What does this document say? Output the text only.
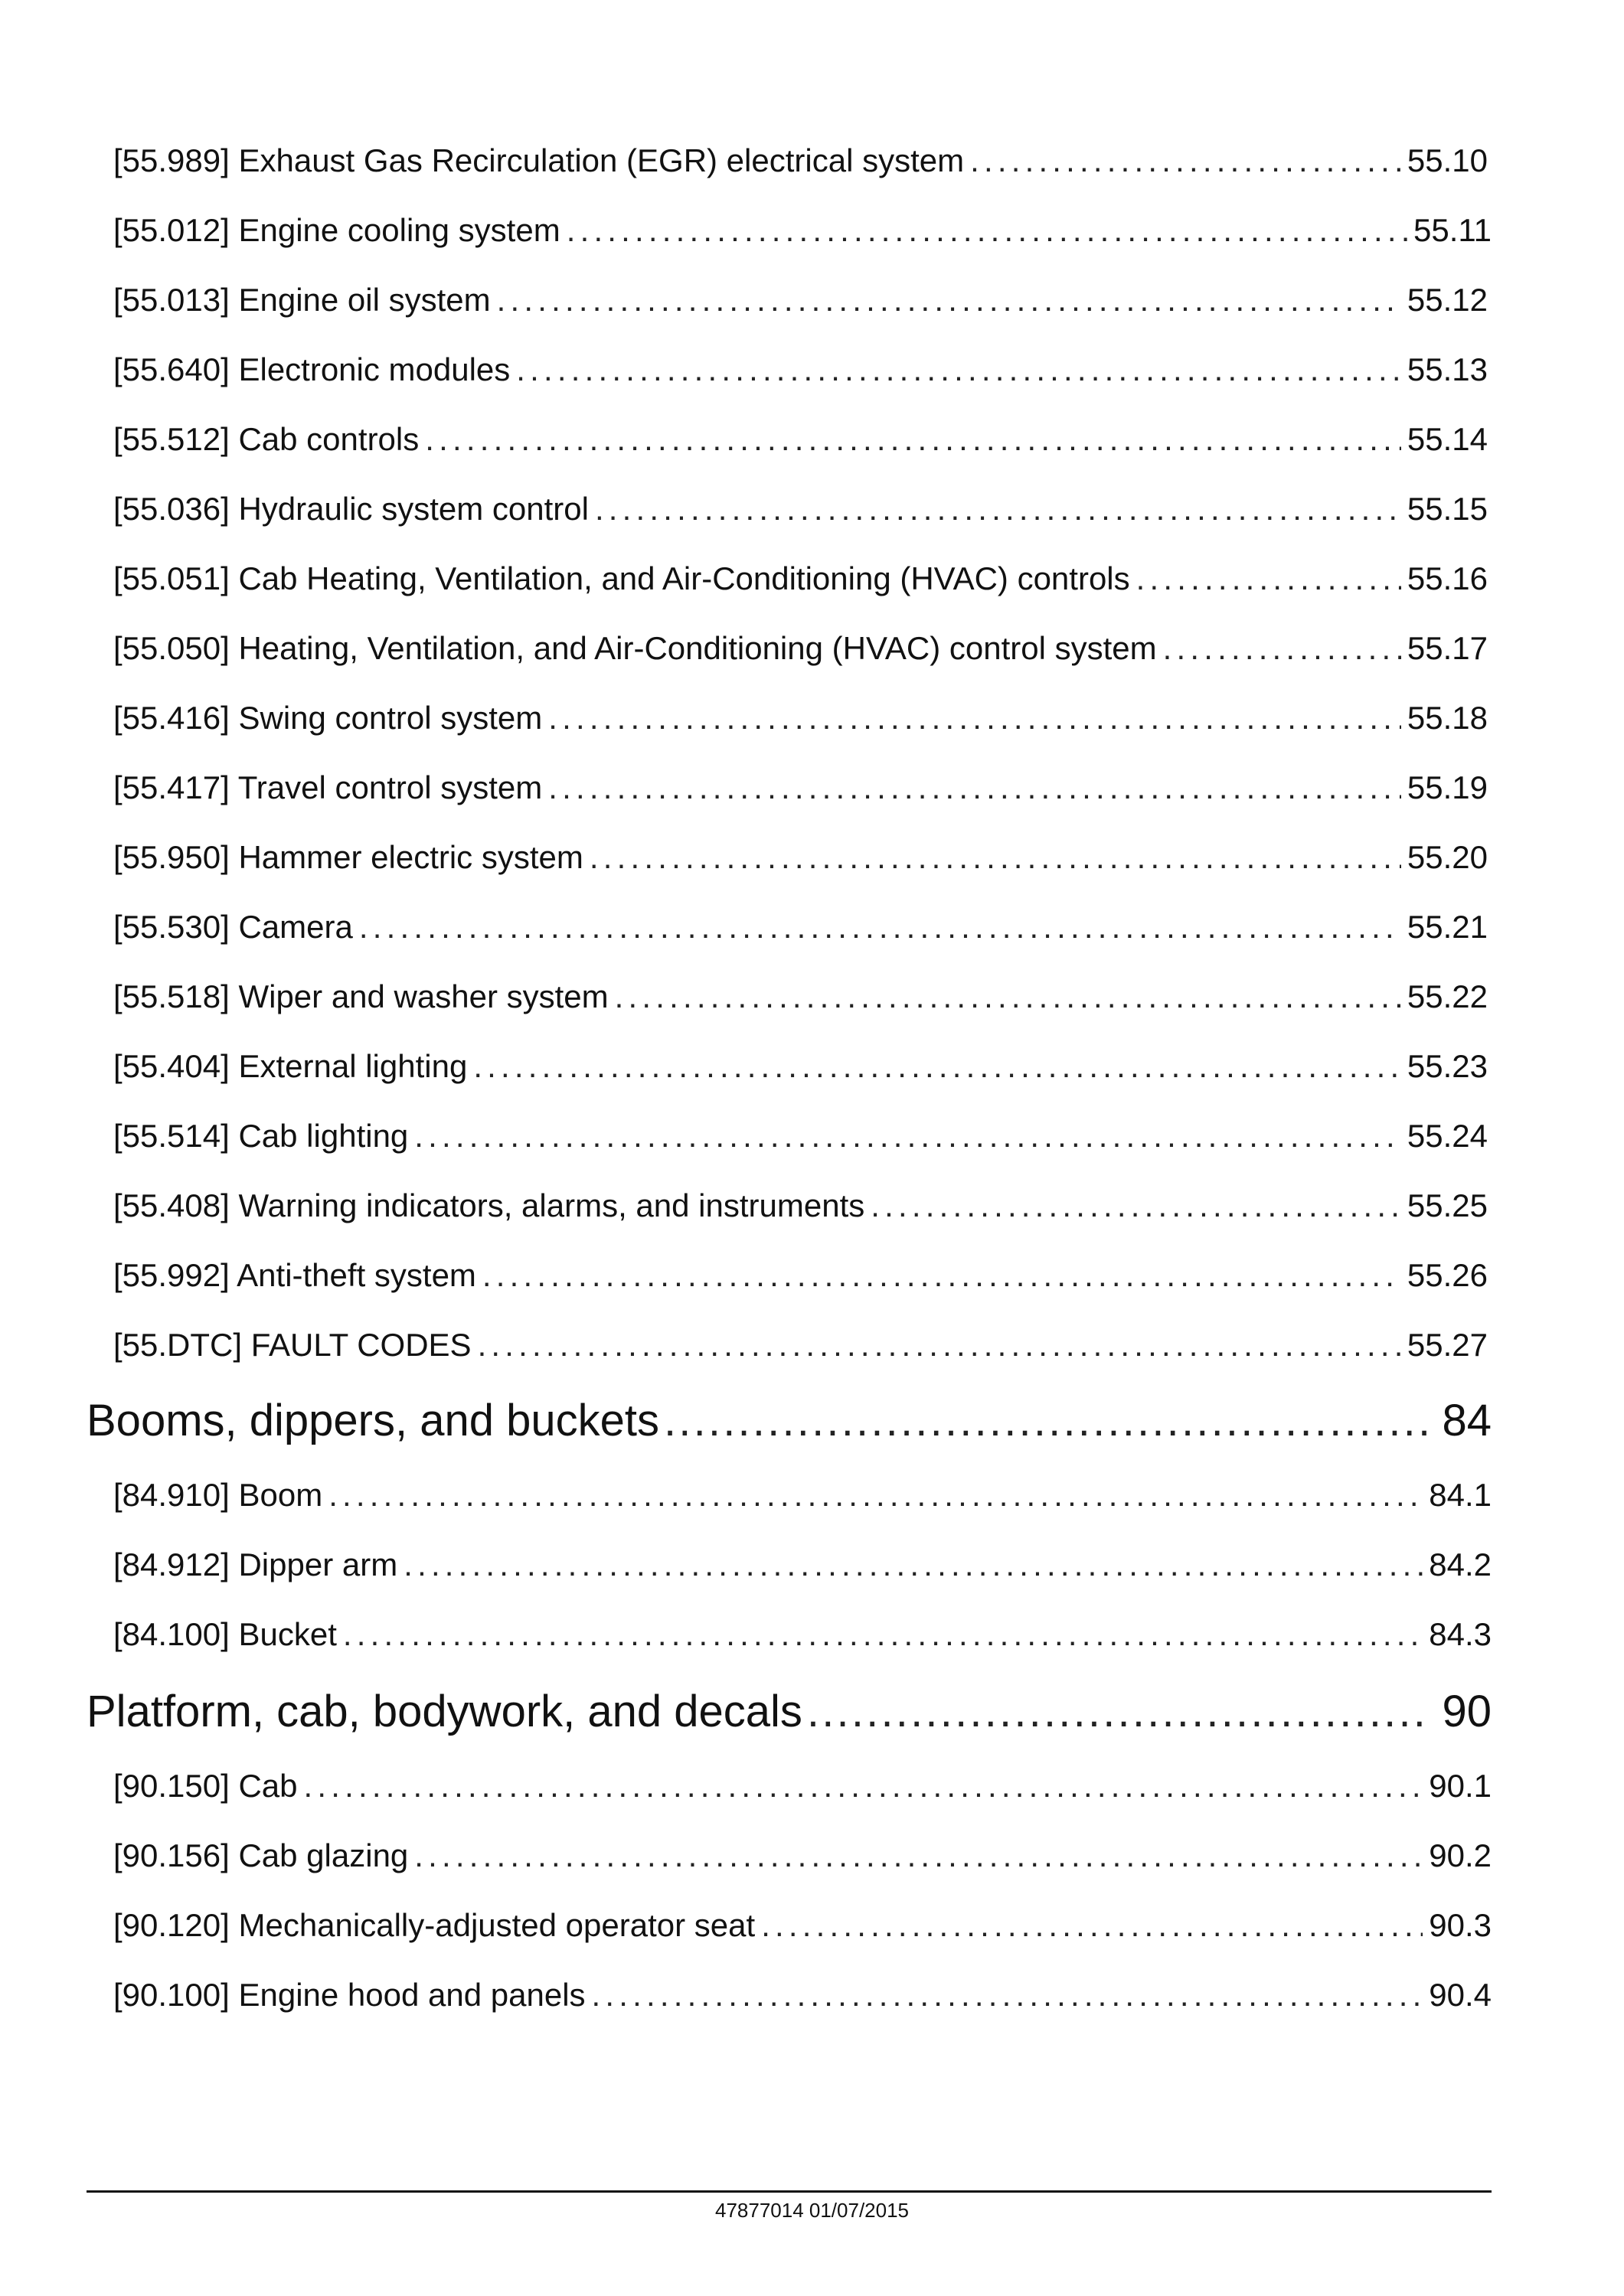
[55.989] Exhaust Gas Recirculation (EGR) electrical system .....	55.10
[55.012] Engine cooling system .....	55.11
[55.013] Engine oil system .....	55.12
[55.640] Electronic modules .....	55.13
[55.512] Cab controls .....	55.14
[55.036] Hydraulic system control .....	55.15
[55.051] Cab Heating, Ventilation, and Air-Conditioning (HVAC) controls .....	55.16
[55.050] Heating, Ventilation, and Air-Conditioning (HVAC) control system .....	55.17
[55.416] Swing control system .....	55.18
[55.417] Travel control system .....	55.19
[55.950] Hammer electric system .....	55.20
[55.530] Camera .....	55.21
[55.518] Wiper and washer system .....	55.22
[55.404] External lighting .....	55.23
[55.514] Cab lighting .....	55.24
[55.408] Warning indicators, alarms, and instruments .....	55.25
[55.992] Anti-theft system .....	55.26
[55.DTC] FAULT CODES .....	55.27
Booms, dippers, and buckets .....	84
[84.910] Boom .....	84.1
[84.912] Dipper arm .....	84.2
[84.100] Bucket .....	84.3
Platform, cab, bodywork, and decals .....	90
[90.150] Cab .....	90.1
[90.156] Cab glazing .....	90.2
[90.120] Mechanically-adjusted operator seat .....	90.3
[90.100] Engine hood and panels .....	90.4
47877014 01/07/2015
